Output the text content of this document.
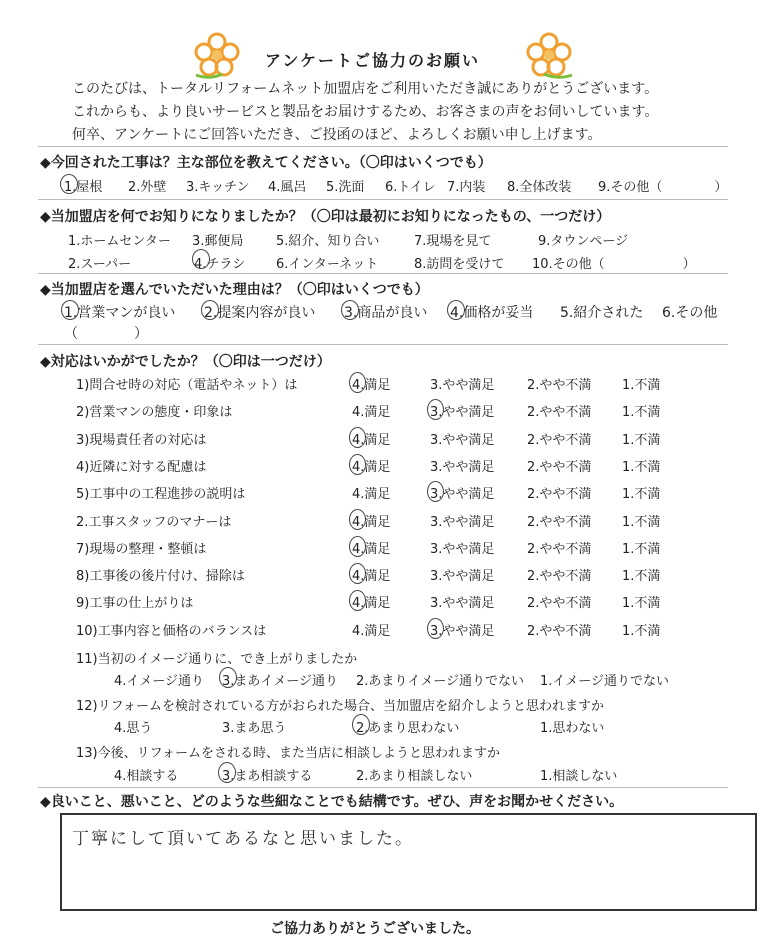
アンケートご協力のお願い
このたびは、トータルリフォームネット加盟店をご利用いただき誠にありがとうございます。
これからも、より良いサービスと製品をお届けするため、お客さまの声をお伺いしています。
何卒、アンケートにご回答いただき、ご投函のほど、よろしくお願い申し上げます。
◆今回された工事は？主な部位を教えてください。（〇印はいくつでも）
1.屋根 2.外壁 3.キッチン 4.風呂 5.洗面 6.トイレ 7.内装 8.全体改装 9.その他（　　　　）
◆当加盟店を何でお知りになりましたか？（〇印は最初にお知りになったもの、一つだけ）
1.ホームセンター 3.郵便局	5.紹介、知り合い	7.現場を見て	9.タウンページ
2.スーパー	4.チラシ 6.インターネット	8.訪問を受けて 10.その他（　　　　　　）
◆当加盟店を選んでいただいた理由は？（〇印はいくつでも）
1.営業マンが良い 2.提案内容が良い 3.商品が良い 4.価格が妥当 5.紹介された 6.その他
（　　　　）
◆対応はいかがでしたか？（〇印は一つだけ）
1)問合せ時の対応（電話やネット）は	4.満足	3.やや満足	2.やや不満 1.不満
2)営業マンの態度・印象は	4.満足	3.やや満足	2.やや不満 1.不満
3)現場責任者の対応は	4.満足	3.やや満足	2.やや不満 1.不満
4)近隣に対する配慮は	4.満足	3.やや満足	2.やや不満 1.不満
5)工事中の工程進捗の説明は	4.満足	3.やや満足	2.やや不満 1.不満
2.工事スタッフのマナーは	4.満足	3.やや満足	2.やや不満 1.不満
7)現場の整理・整頓は	4.満足	3.やや満足	2.やや不満 1.不満
8)工事後の後片付け、掃除は	4.満足	3.やや満足	2.やや不満 1.不満
9)工事の仕上がりは	4.満足	3.やや満足	2.やや不満 1.不満
10)工事内容と価格のバランスは	4.満足	3.やや満足	2.やや不満 1.不満
11)当初のイメージ通りに、でき上がりましたか
4.イメージ通り 3.まあイメージ通り 2.あまりイメージ通りでない 1.イメージ通りでない
12)リフォームを検討されている方がおられた場合、当加盟店を紹介しようと思われますか
4.思う	3.まあ思う	2.あまり思わない	1.思わない
13)今後、リフォームをされる時、また当店に相談しようと思われますか
4.相談する	3.まあ相談する	2.あまり相談しない	1.相談しない
◆良いこと、悪いこと、どのような些細なことでも結構です。ぜひ、声をお聞かせください。
丁寧にして頂いてあるなと思いました。
ご協力ありがとうございました。
